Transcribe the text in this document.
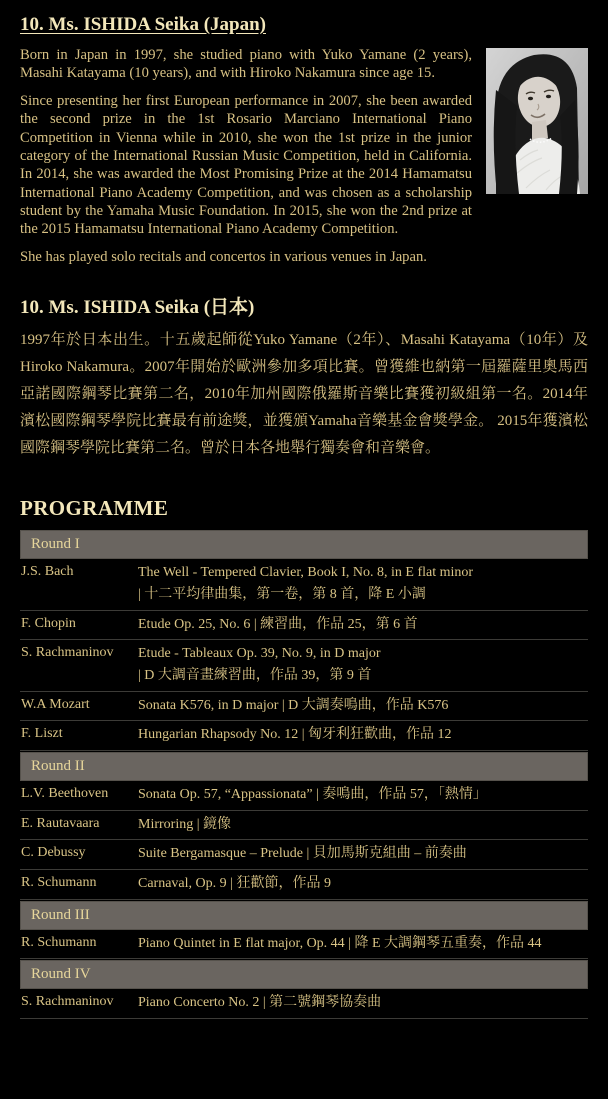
10. Ms. ISHIDA Seika (Japan)

Born in Japan in 1997, she studied piano with Yuko Yamane (2 years), Masahi Katayama (10 years), and with Hiroko Nakamura since age 15.

Since presenting her first European performance in 2007, she been awarded the second prize in the 1st Rosario Marciano International Piano Competition in Vienna while in 2010, she won the 1st prize in the junior category of the International Russian Music Competition, held in California. In 2014, she was awarded the Most Promising Prize at the 2014 Hamamatsu International Piano Academy Competition, and was chosen as a scholarship student by the Yamaha Music Foundation. In 2015, she won the 2nd prize at the 2015 Hamamatsu International Piano Academy Competition.

She has played solo recitals and concertos in various venues in Japan.

10. Ms. ISHIDA Seika (日本)

1997年於日本出生。十五歲起師從Yuko Yamane（2年）、Masahi Katayama（10年）及Hiroko Nakamura。2007年開始於歐洲參加多項比賽。曾獲維也納第一屆羅薩里奧馬西亞諾國際鋼琴比賽第二名，2010年加州國際俄羅斯音樂比賽獲初級組第一名。2014年濱松國際鋼琴學院比賽最有前途獎，並獲頒Yamaha音樂基金會獎學金。 2015年獲濱松國際鋼琴學院比賽第二名。曾於日本各地舉行獨奏會和音樂會。

PROGRAMME
Round I
J.S. Bach	The Well - Tempered Clavier, Book I, No. 8, in E flat minor
| 十二平均律曲集，第一卷，第 8 首，降 E 小調
F. Chopin	Etude Op. 25, No. 6 | 練習曲，作品 25，第 6 首
S. Rachmaninov	Etude - Tableaux Op. 39, No. 9, in D major
| D 大調音畫練習曲，作品 39，第 9 首
W.A Mozart	Sonata K576, in D major | D 大調奏鳴曲，作品 K576
F. Liszt	Hungarian Rhapsody No. 12 | 匈牙利狂歡曲，作品 12
Round II
L.V. Beethoven	Sonata Op. 57, “Appassionata” | 奏鳴曲，作品 57，「熱情」
E. Rautavaara	Mirroring | 鏡像
C. Debussy	Suite Bergamasque – Prelude | 貝加馬斯克組曲 – 前奏曲
R. Schumann	Carnaval, Op. 9 | 狂歡節，作品 9
Round III
R. Schumann	Piano Quintet in E flat major, Op. 44 | 降 E 大調鋼琴五重奏，作品 44
Round IV
S. Rachmaninov	Piano Concerto No. 2 | 第二號鋼琴協奏曲
